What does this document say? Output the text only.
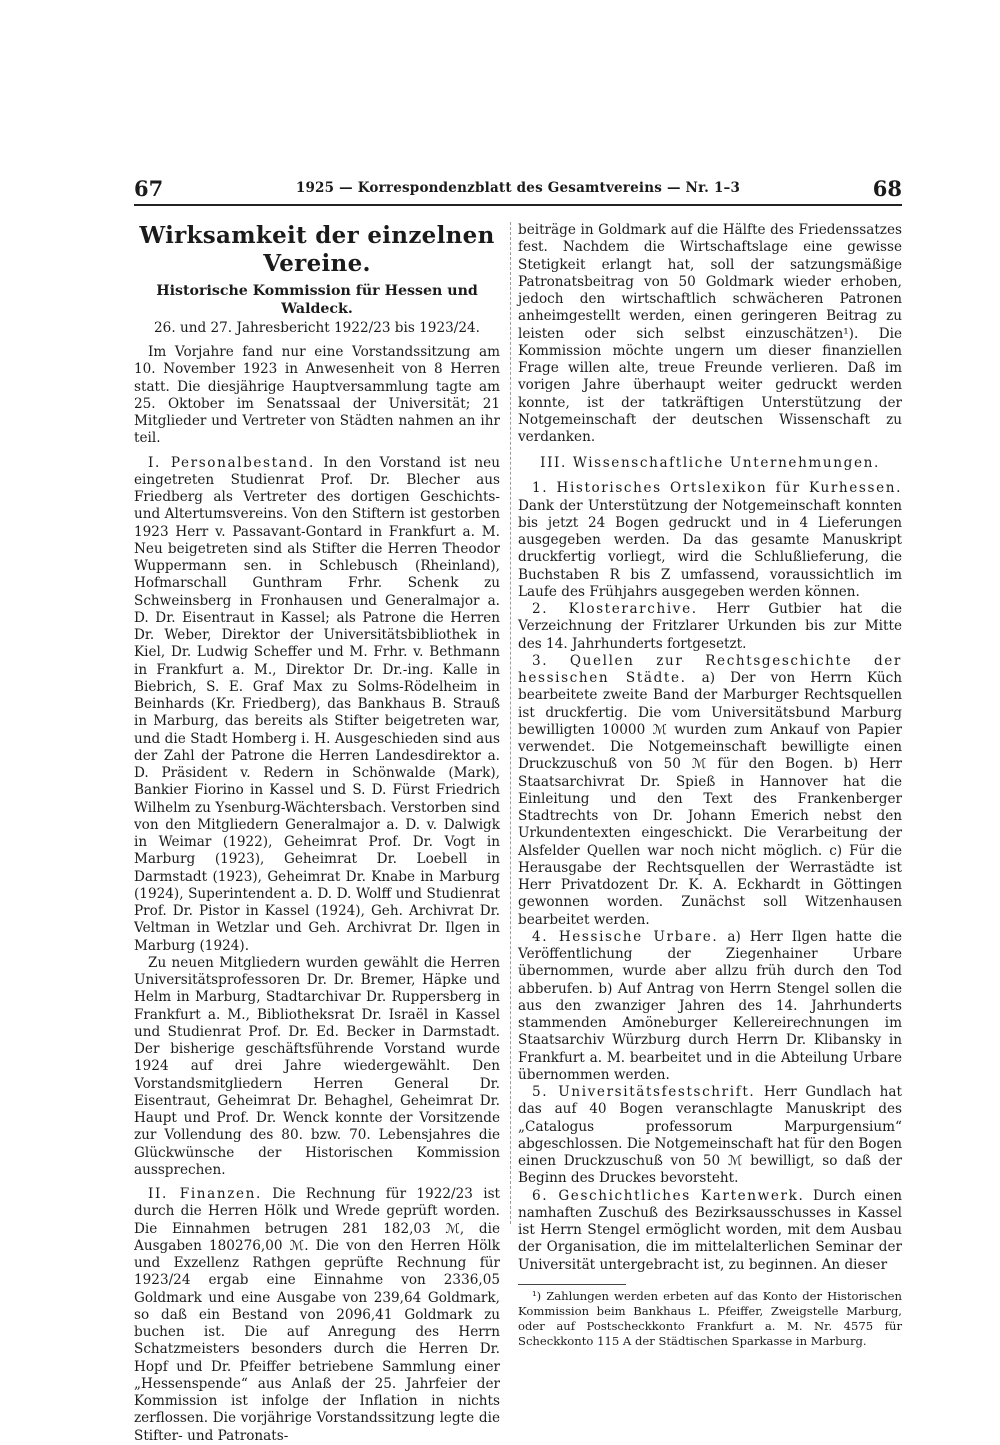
67	1925 — Korrespondenzblatt des Gesamtvereins — Nr. 1–3	68
Wirksamkeit der einzelnen Vereine.
Historische Kommission für Hessen und Waldeck.
26. und 27. Jahresbericht 1922/23 bis 1923/24.

Im Vorjahre fand nur eine Vorstandssitzung am 10. November 1923 in Anwesenheit von 8 Herren statt. Die diesjährige Hauptversammlung tagte am 25. Oktober im Senatssaal der Universität; 21 Mitglieder und Vertreter von Städten nahmen an ihr teil.

I. Personalbestand. In den Vorstand ist neu eingetreten Studienrat Prof. Dr. Blecher aus Friedberg als Vertreter des dortigen Geschichts- und Altertumsvereins. Von den Stiftern ist gestorben 1923 Herr v. Passavant-Gontard in Frankfurt a. M. Neu beigetreten sind als Stifter die Herren Theodor Wuppermann sen. in Schlebusch (Rheinland), Hofmarschall Gunthram Frhr. Schenk zu Schweinsberg in Fronhausen und Generalmajor a. D. Dr. Eisentraut in Kassel; als Patrone die Herren Dr. Weber, Direktor der Universitätsbibliothek in Kiel, Dr. Ludwig Scheffer und M. Frhr. v. Bethmann in Frankfurt a. M., Direktor Dr. Dr.-ing. Kalle in Biebrich, S. E. Graf Max zu Solms-Rödelheim in Beinhards (Kr. Friedberg), das Bankhaus B. Strauß in Marburg, das bereits als Stifter beigetreten war, und die Stadt Homberg i. H. Ausgeschieden sind aus der Zahl der Patrone die Herren Landesdirektor a. D. Präsident v. Redern in Schönwalde (Mark), Bankier Fiorino in Kassel und S. D. Fürst Friedrich Wilhelm zu Ysenburg-Wächtersbach. Verstorben sind von den Mitgliedern Generalmajor a. D. v. Dalwigk in Weimar (1922), Geheimrat Prof. Dr. Vogt in Marburg (1923), Geheimrat Dr. Loebell in Darmstadt (1923), Geheimrat Dr. Knabe in Marburg (1924), Superintendent a. D. D. Wolff und Studienrat Prof. Dr. Pistor in Kassel (1924), Geh. Archivrat Dr. Veltman in Wetzlar und Geh. Archivrat Dr. Ilgen in Marburg (1924).

Zu neuen Mitgliedern wurden gewählt die Herren Universitätsprofessoren Dr. Dr. Bremer, Häpke und Helm in Marburg, Stadtarchivar Dr. Ruppersberg in Frankfurt a. M., Bibliotheksrat Dr. Israël in Kassel und Studienrat Prof. Dr. Ed. Becker in Darmstadt. Der bisherige geschäftsführende Vorstand wurde 1924 auf drei Jahre wiedergewählt. Den Vorstandsmitgliedern Herren General Dr. Eisentraut, Geheimrat Dr. Behaghel, Geheimrat Dr. Haupt und Prof. Dr. Wenck konnte der Vorsitzende zur Vollendung des 80. bzw. 70. Lebensjahres die Glückwünsche der Historischen Kommission aussprechen.

II. Finanzen. Die Rechnung für 1922/23 ist durch die Herren Hölk und Wrede geprüft worden. Die Einnahmen betrugen 281 182,03 ℳ, die Ausgaben 180276,00 ℳ. Die von den Herren Hölk und Exzellenz Rathgen geprüfte Rechnung für 1923/24 ergab eine Einnahme von 2336,05 Goldmark und eine Ausgabe von 239,64 Goldmark, so daß ein Bestand von 2096,41 Goldmark zu buchen ist. Die auf Anregung des Herrn Schatzmeisters besonders durch die Herren Dr. Hopf und Dr. Pfeiffer betriebene Sammlung einer „Hessenspende“ aus Anlaß der 25. Jahrfeier der Kommission ist infolge der Inflation in nichts zerflossen. Die vorjährige Vorstandssitzung legte die Stifter- und Patronats-

beiträge in Goldmark auf die Hälfte des Friedenssatzes fest. Nachdem die Wirtschaftslage eine gewisse Stetigkeit erlangt hat, soll der satzungsmäßige Patronatsbeitrag von 50 Goldmark wieder erhoben, jedoch den wirtschaftlich schwächeren Patronen anheimgestellt werden, einen geringeren Beitrag zu leisten oder sich selbst einzuschätzen¹). Die Kommission möchte ungern um dieser finanziellen Frage willen alte, treue Freunde verlieren. Daß im vorigen Jahre überhaupt weiter gedruckt werden konnte, ist der tatkräftigen Unterstützung der Notgemeinschaft der deutschen Wissenschaft zu verdanken.

III. Wissenschaftliche Unternehmungen.

1. Historisches Ortslexikon für Kurhessen. Dank der Unterstützung der Notgemeinschaft konnten bis jetzt 24 Bogen gedruckt und in 4 Lieferungen ausgegeben werden. Da das gesamte Manuskript druckfertig vorliegt, wird die Schlußlieferung, die Buchstaben R bis Z umfassend, voraussichtlich im Laufe des Frühjahrs ausgegeben werden können.

2. Klosterarchive. Herr Gutbier hat die Verzeichnung der Fritzlarer Urkunden bis zur Mitte des 14. Jahrhunderts fortgesetzt.

3. Quellen zur Rechtsgeschichte der hessischen Städte. a) Der von Herrn Küch bearbeitete zweite Band der Marburger Rechtsquellen ist druckfertig. Die vom Universitätsbund Marburg bewilligten 10000 ℳ wurden zum Ankauf von Papier verwendet. Die Notgemeinschaft bewilligte einen Druckzuschuß von 50 ℳ für den Bogen. b) Herr Staatsarchivrat Dr. Spieß in Hannover hat die Einleitung und den Text des Frankenberger Stadtrechts von Dr. Johann Emerich nebst den Urkundentexten eingeschickt. Die Verarbeitung der Alsfelder Quellen war noch nicht möglich. c) Für die Herausgabe der Rechtsquellen der Werrastädte ist Herr Privatdozent Dr. K. A. Eckhardt in Göttingen gewonnen worden. Zunächst soll Witzenhausen bearbeitet werden.

4. Hessische Urbare. a) Herr Ilgen hatte die Veröffentlichung der Ziegenhainer Urbare übernommen, wurde aber allzu früh durch den Tod abberufen. b) Auf Antrag von Herrn Stengel sollen die aus den zwanziger Jahren des 14. Jahrhunderts stammenden Amöneburger Kellereirechnungen im Staatsarchiv Würzburg durch Herrn Dr. Klibansky in Frankfurt a. M. bearbeitet und in die Abteilung Urbare übernommen werden.

5. Universitätsfestschrift. Herr Gundlach hat das auf 40 Bogen veranschlagte Manuskript des „Catalogus professorum Marpurgensium“ abgeschlossen. Die Notgemeinschaft hat für den Bogen einen Druckzuschuß von 50 ℳ bewilligt, so daß der Beginn des Druckes bevorsteht.

6. Geschichtliches Kartenwerk. Durch einen namhaften Zuschuß des Bezirksausschusses in Kassel ist Herrn Stengel ermöglicht worden, mit dem Ausbau der Organisation, die im mittelalterlichen Seminar der Universität untergebracht ist, zu beginnen. An dieser

¹) Zahlungen werden erbeten auf das Konto der Historischen Kommission beim Bankhaus L. Pfeiffer, Zweigstelle Marburg, oder auf Postscheckkonto Frankfurt a. M. Nr. 4575 für Scheckkonto 115 A der Städtischen Sparkasse in Marburg.
